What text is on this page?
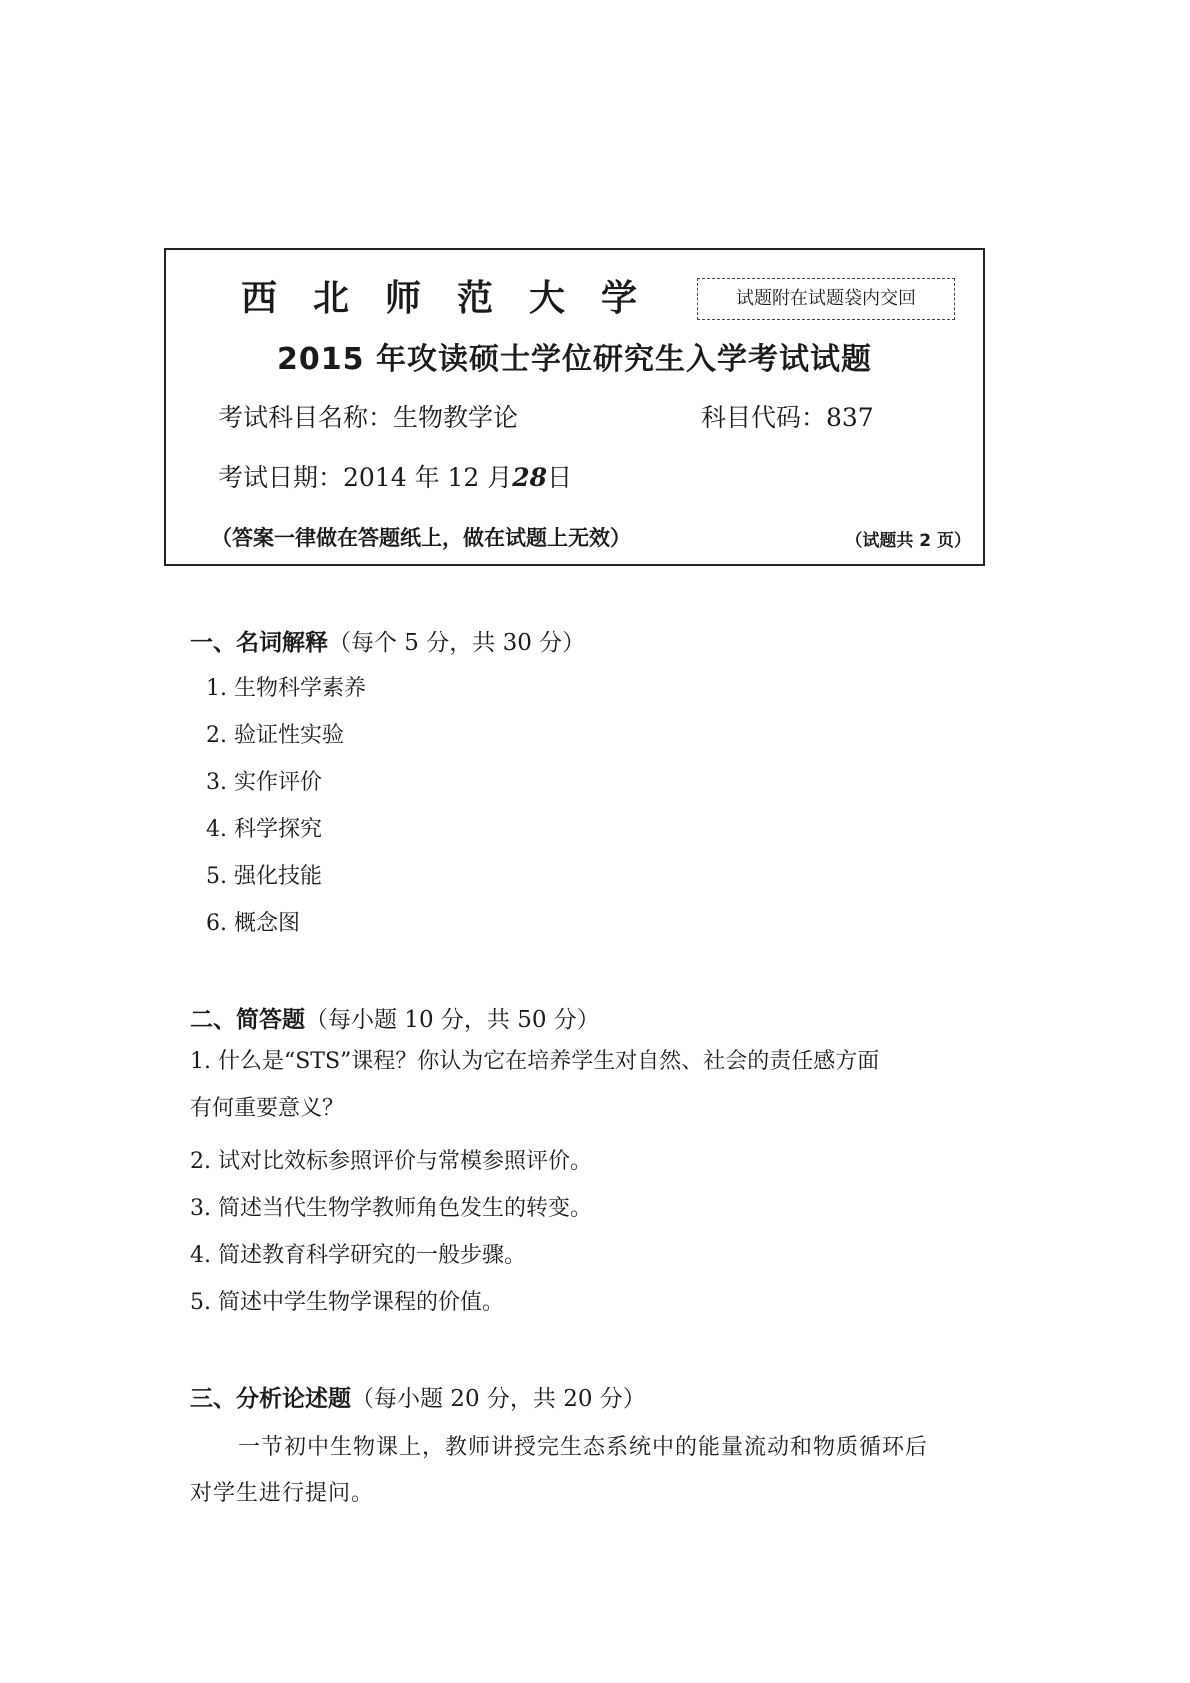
西北师范大学	试题附在试题袋内交回
2015 年攻读硕士学位研究生入学考试试题
考试科目名称：生物教学论	科目代码：837
考试日期：2014 年 12 月28日
（答案一律做在答题纸上，做在试题上无效）	（试题共 2 页）
一、名词解释（每个 5 分，共 30 分）
1. 生物科学素养
2. 验证性实验
3. 实作评价
4. 科学探究
5. 强化技能
6. 概念图
二、简答题（每小题 10 分，共 50 分）
1. 什么是“STS”课程？你认为它在培养学生对自然、社会的责任感方面
有何重要意义？
2. 试对比效标参照评价与常模参照评价。
3. 简述当代生物学教师角色发生的转变。
4. 简述教育科学研究的一般步骤。
5. 简述中学生物学课程的价值。
三、分析论述题（每小题 20 分，共 20 分）
一节初中生物课上，教师讲授完生态系统中的能量流动和物质循环后
对学生进行提问。
